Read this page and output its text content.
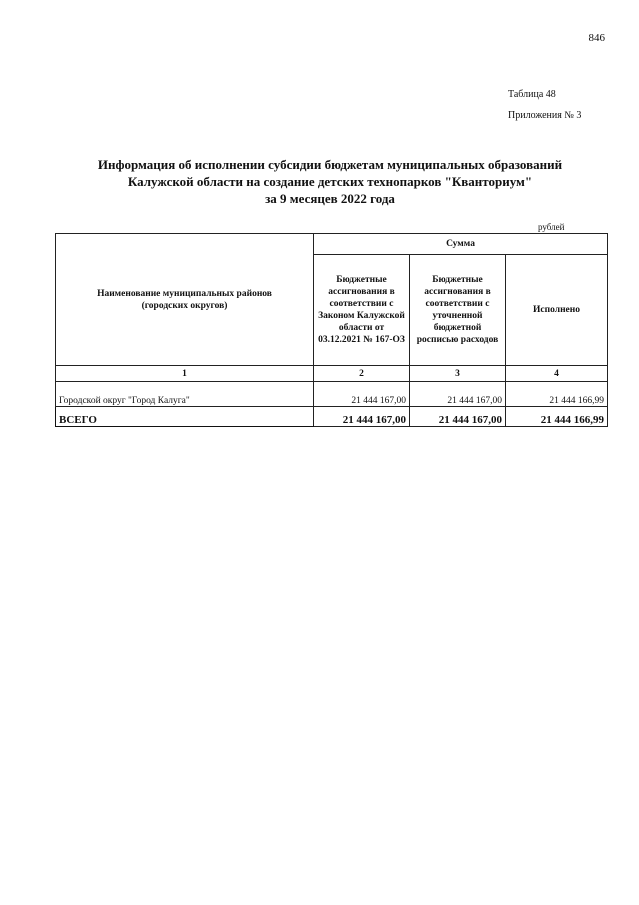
846
Таблица 48
Приложения № 3
Информация об исполнении субсидии бюджетам муниципальных образований
Калужской области на создание детских технопарков "Кванториум"
за 9 месяцев 2022 года
рублей
Наименование муниципальных районов (городских округов)	Сумма		
	Бюджетные ассигнования в соответствии с Законом Калужской области от 03.12.2021 № 167-ОЗ	Бюджетные ассигнования в соответствии с уточненной бюджетной росписью расходов	Исполнено
1	2	3	4
Городской округ "Город Калуга"	21 444 167,00	21 444 167,00	21 444 166,99
ВСЕГО	21 444 167,00	21 444 167,00	21 444 166,99
